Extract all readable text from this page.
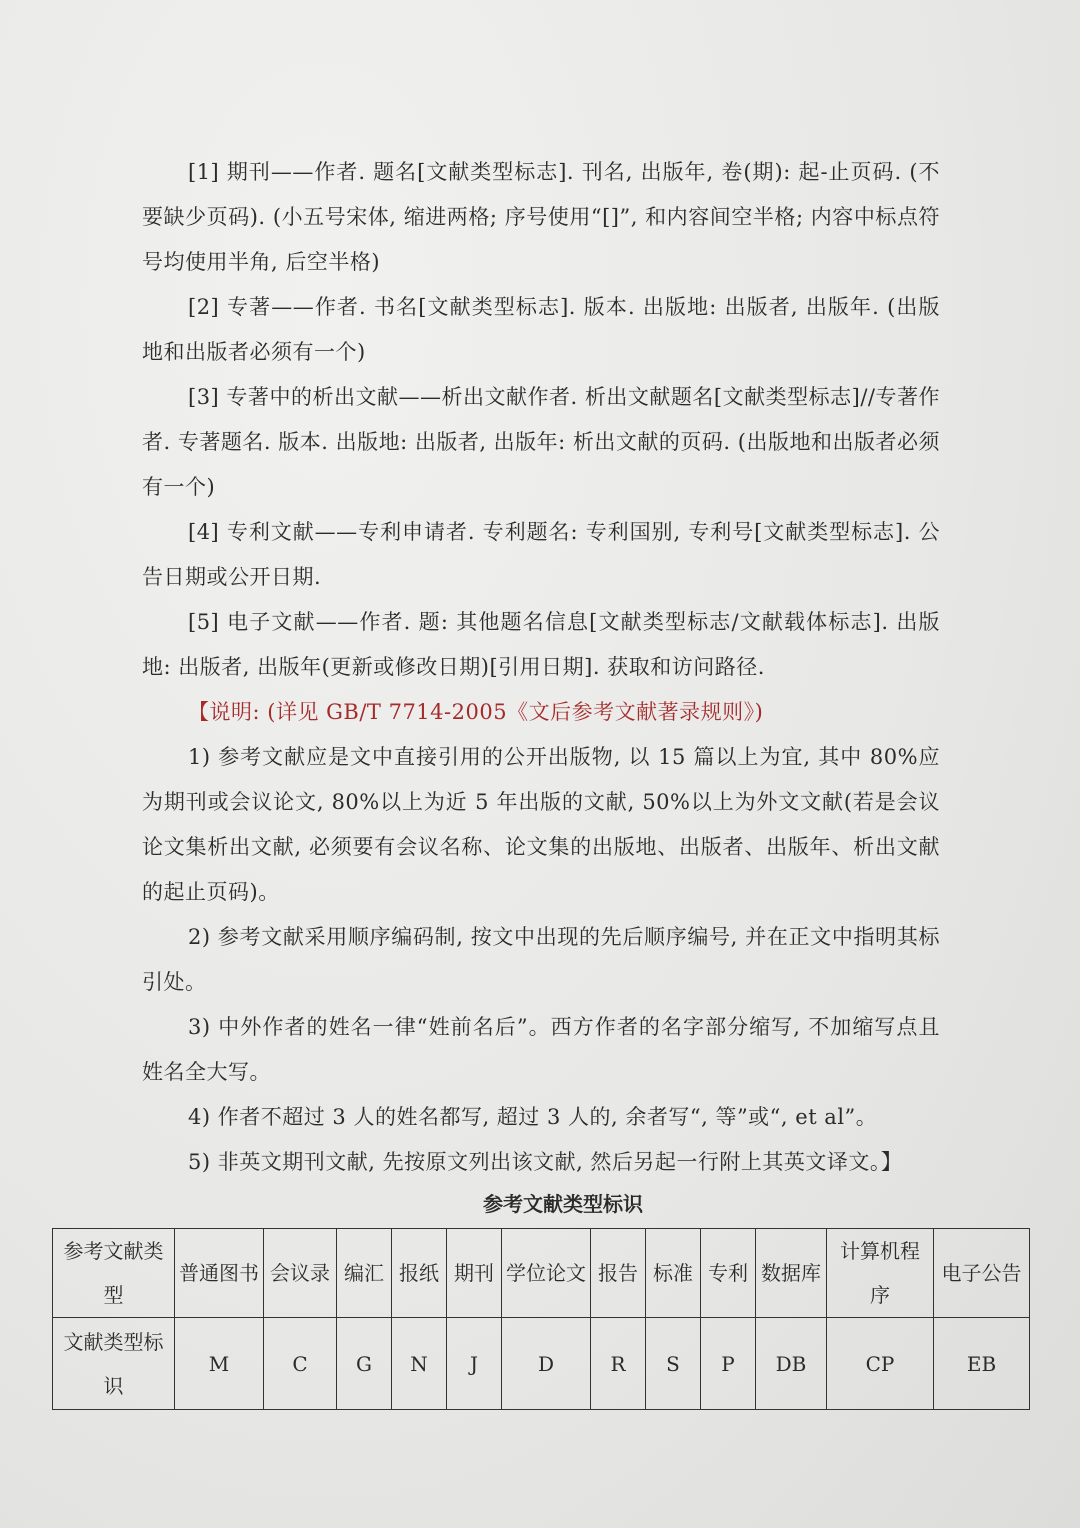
[1] 期刊——作者. 题名[文献类型标志]. 刊名, 出版年, 卷(期): 起-止页码. (不要缺少页码). (小五号宋体, 缩进两格; 序号使用“[]”, 和内容间空半格; 内容中标点符号均使用半角, 后空半格)

[2] 专著——作者. 书名[文献类型标志]. 版本. 出版地: 出版者, 出版年. (出版地和出版者必须有一个)

[3] 专著中的析出文献——析出文献作者. 析出文献题名[文献类型标志]//专著作者. 专著题名. 版本. 出版地: 出版者, 出版年: 析出文献的页码. (出版地和出版者必须有一个)

[4] 专利文献——专利申请者. 专利题名: 专利国别, 专利号[文献类型标志]. 公告日期或公开日期.

[5] 电子文献——作者. 题: 其他题名信息[文献类型标志/文献载体标志]. 出版地: 出版者, 出版年(更新或修改日期)[引用日期]. 获取和访问路径.

【说明: (详见 GB/T 7714-2005《文后参考文献著录规则》)

1) 参考文献应是文中直接引用的公开出版物, 以 15 篇以上为宜, 其中 80%应为期刊或会议论文, 80%以上为近 5 年出版的文献, 50%以上为外文文献(若是会议论文集析出文献, 必须要有会议名称、论文集的出版地、出版者、出版年、析出文献的起止页码)。

2) 参考文献采用顺序编码制, 按文中出现的先后顺序编号, 并在正文中指明其标引处。

3) 中外作者的姓名一律“姓前名后”。西方作者的名字部分缩写, 不加缩写点且姓名全大写。

4) 作者不超过 3 人的姓名都写, 超过 3 人的, 余者写“, 等”或“, et al”。

5) 非英文期刊文献, 先按原文列出该文献, 然后另起一行附上其英文译文。】

参考文献类型标识
参考文献类型	普通图书	会议录	编汇	报纸	期刊	学位论文	报告	标准	专利	数据库	计算机程序	电子公告
文献类型标识	M	C	G	N	J	D	R	S	P	DB	CP	EB
